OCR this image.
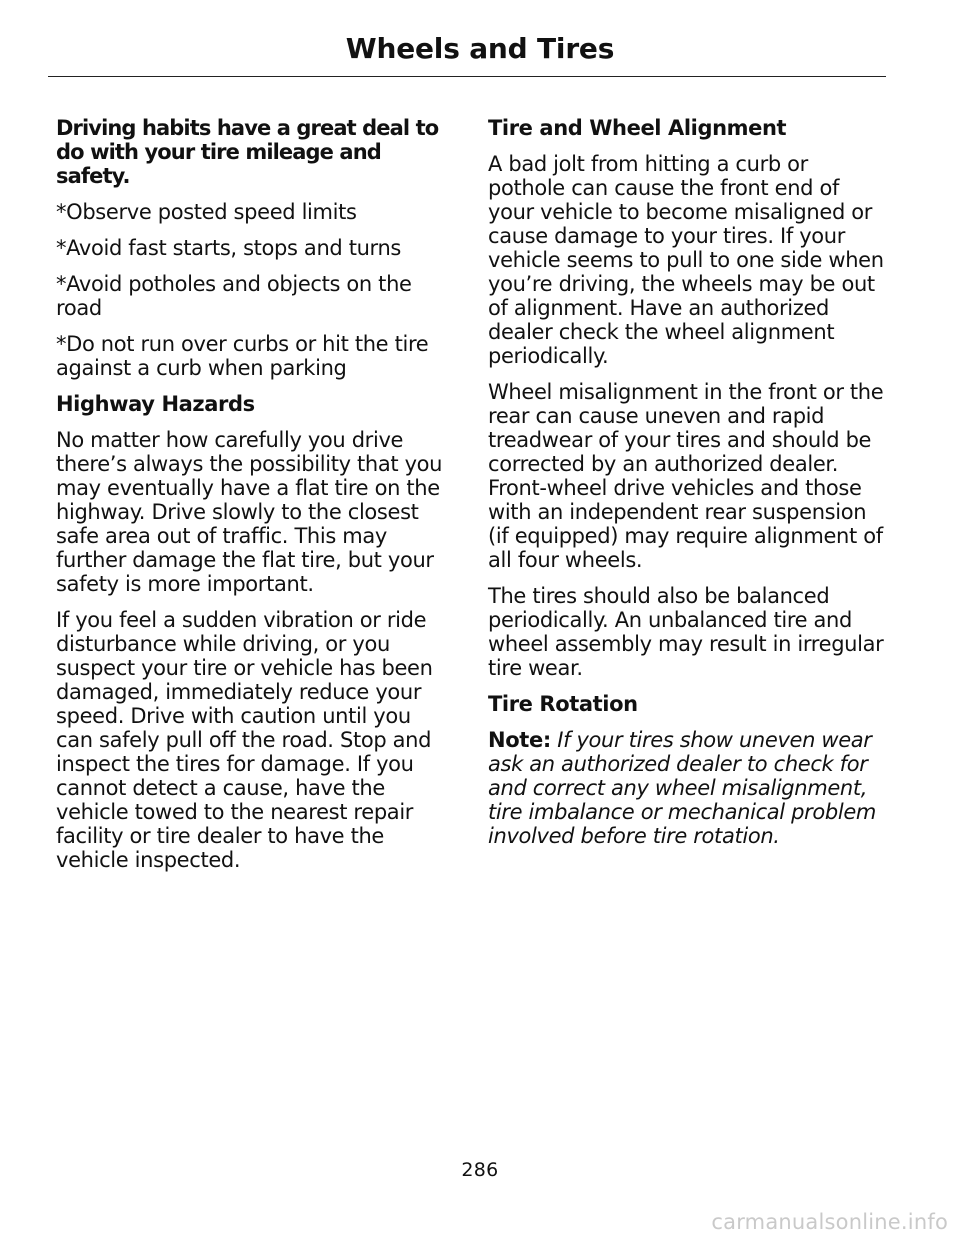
Wheels and Tires

Driving habits have a great deal to do with your tire mileage and safety.

*Observe posted speed limits

*Avoid fast starts, stops and turns

*Avoid potholes and objects on the road

*Do not run over curbs or hit the tire against a curb when parking

Highway Hazards

No matter how carefully you drive there’s always the possibility that you may eventually have a flat tire on the highway. Drive slowly to the closest safe area out of traffic. This may further damage the flat tire, but your safety is more important.

If you feel a sudden vibration or ride disturbance while driving, or you suspect your tire or vehicle has been damaged, immediately reduce your speed. Drive with caution until you can safely pull off the road. Stop and inspect the tires for damage. If you cannot detect a cause, have the vehicle towed to the nearest repair facility or tire dealer to have the vehicle inspected.

Tire and Wheel Alignment

A bad jolt from hitting a curb or pothole can cause the front end of your vehicle to become misaligned or cause damage to your tires. If your vehicle seems to pull to one side when you’re driving, the wheels may be out of alignment. Have an authorized dealer check the wheel alignment periodically.

Wheel misalignment in the front or the rear can cause uneven and rapid treadwear of your tires and should be corrected by an authorized dealer. Front-wheel drive vehicles and those with an independent rear suspension (if equipped) may require alignment of all four wheels.

The tires should also be balanced periodically. An unbalanced tire and wheel assembly may result in irregular tire wear.

Tire Rotation

Note: If your tires show uneven wear ask an authorized dealer to check for and correct any wheel misalignment, tire imbalance or mechanical problem involved before tire rotation.

286
carmanualsonline.info
